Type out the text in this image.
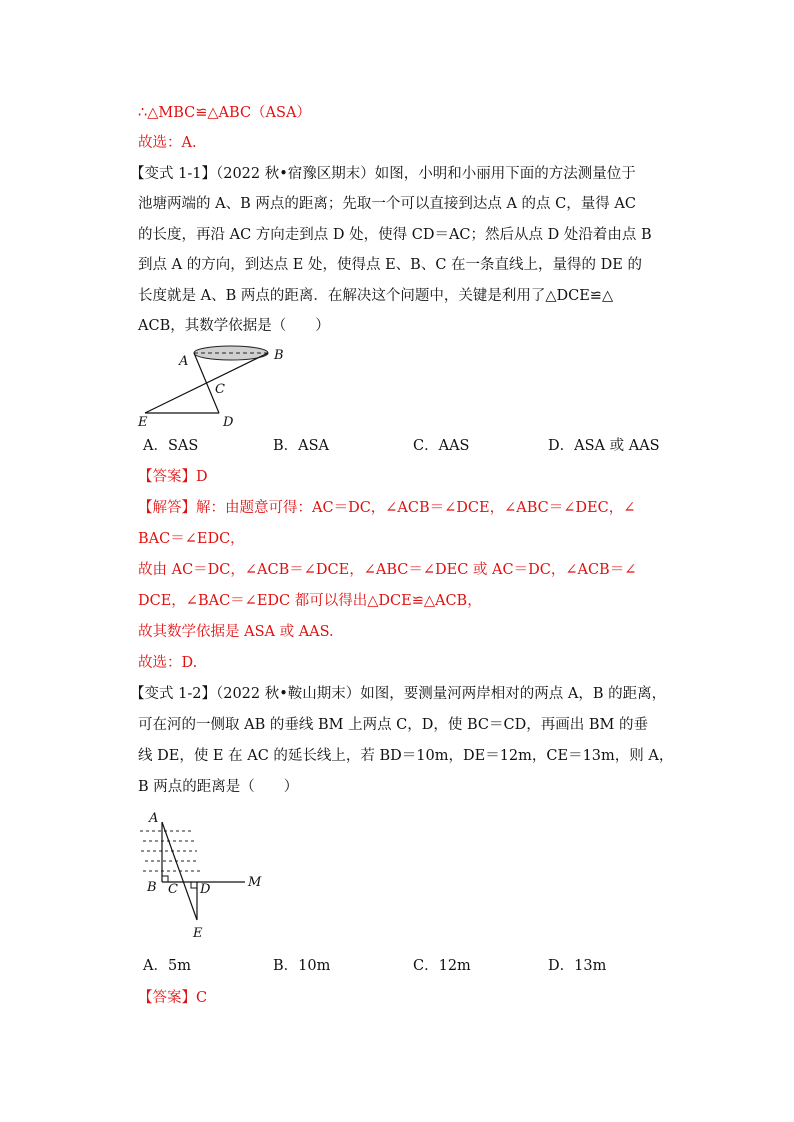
∴△MBC≌△ABC（ASA）
故选：A.
【变式 1-1】（2022 秋•宿豫区期末）如图，小明和小丽用下面的方法测量位于
池塘两端的 A、B 两点的距离；先取一个可以直接到达点 A 的点 C，量得 AC
的长度，再沿 AC 方向走到点 D 处，使得 CD＝AC；然后从点 D 处沿着由点 B
到点 A 的方向，到达点 E 处，使得点 E、B、C 在一条直线上，量得的 DE 的
长度就是 A、B 两点的距离．在解决这个问题中，关键是利用了△DCE≌△
ACB，其数学依据是（　　）
A	B
C
D
E
A．SAS	B．ASA	C．AAS	D．ASA 或 AAS
【答案】D
【解答】解：由题意可得：AC＝DC，∠ACB＝∠DCE，∠ABC＝∠DEC，∠
BAC＝∠EDC，
故由 AC＝DC，∠ACB＝∠DCE，∠ABC＝∠DEC 或 AC＝DC，∠ACB＝∠
DCE，∠BAC＝∠EDC 都可以得出△DCE≌△ACB，
故其数学依据是 ASA 或 AAS.
故选：D.
【变式 1-2】（2022 秋•鞍山期末）如图，要测量河两岸相对的两点 A，B 的距离，
可在河的一侧取 AB 的垂线 BM 上两点 C，D，使 BC＝CD，再画出 BM 的垂
线 DE，使 E 在 AC 的延长线上，若 BD＝10m，DE＝12m，CE＝13m，则 A，
B 两点的距离是（　　）
A
B C D
E
M
A．5m	B．10m	C．12m	D．13m
【答案】C
